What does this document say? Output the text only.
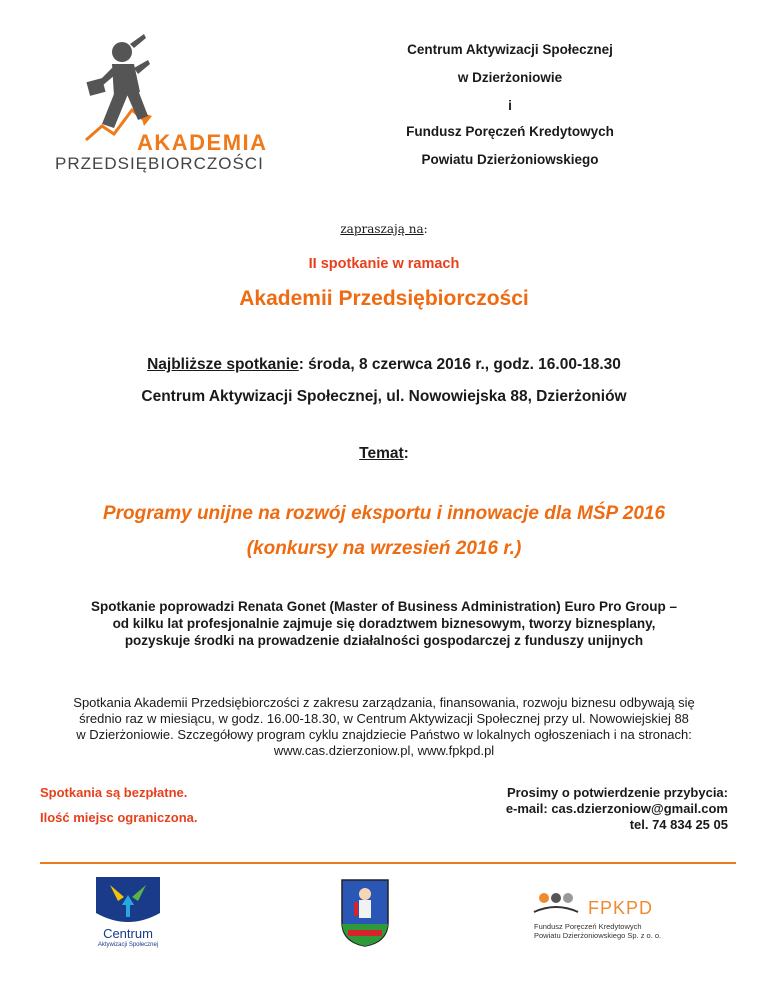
AKADEMIA
PRZEDSIĘBIORCZOŚCI
Centrum Aktywizacji Społecznej
w Dzierżoniowie
i
Fundusz Poręczeń Kredytowych
Powiatu Dzierżoniowskiego
zapraszają na:
II spotkanie w ramach
Akademii Przedsiębiorczości
Najbliższe spotkanie: środa, 8 czerwca 2016 r., godz. 16.00-18.30
Centrum Aktywizacji Społecznej, ul. Nowowiejska 88, Dzierżoniów
Temat:
Programy unijne na rozwój eksportu i innowacje dla MŚP 2016
(konkursy na wrzesień 2016 r.)
Spotkanie poprowadzi Renata Gonet (Master of Business Administration) Euro Pro Group –
od kilku lat profesjonalnie zajmuje się doradztwem biznesowym, tworzy biznesplany,
pozyskuje środki na prowadzenie działalności gospodarczej z funduszy unijnych
Spotkania Akademii Przedsiębiorczości z zakresu zarządzania, finansowania, rozwoju biznesu odbywają się
średnio raz w miesiącu, w godz. 16.00-18.30, w Centrum Aktywizacji Społecznej przy ul. Nowowiejskiej 88
w Dzierżoniowie. Szczegółowy program cyklu znajdziecie Państwo w lokalnych ogłoszeniach i na stronach:
www.cas.dzierzoniow.pl, www.fpkpd.pl
Spotkania są bezpłatne.
Ilość miejsc ograniczona.
Prosimy o potwierdzenie przybycia:
e-mail: cas.dzierzoniow@gmail.com
tel. 74 834 25 05
Centrum
Aktywizacji Społecznej
FPKPD
Fundusz Poręczeń Kredytowych
Powiatu Dzierżoniowskiego Sp. z o. o.
